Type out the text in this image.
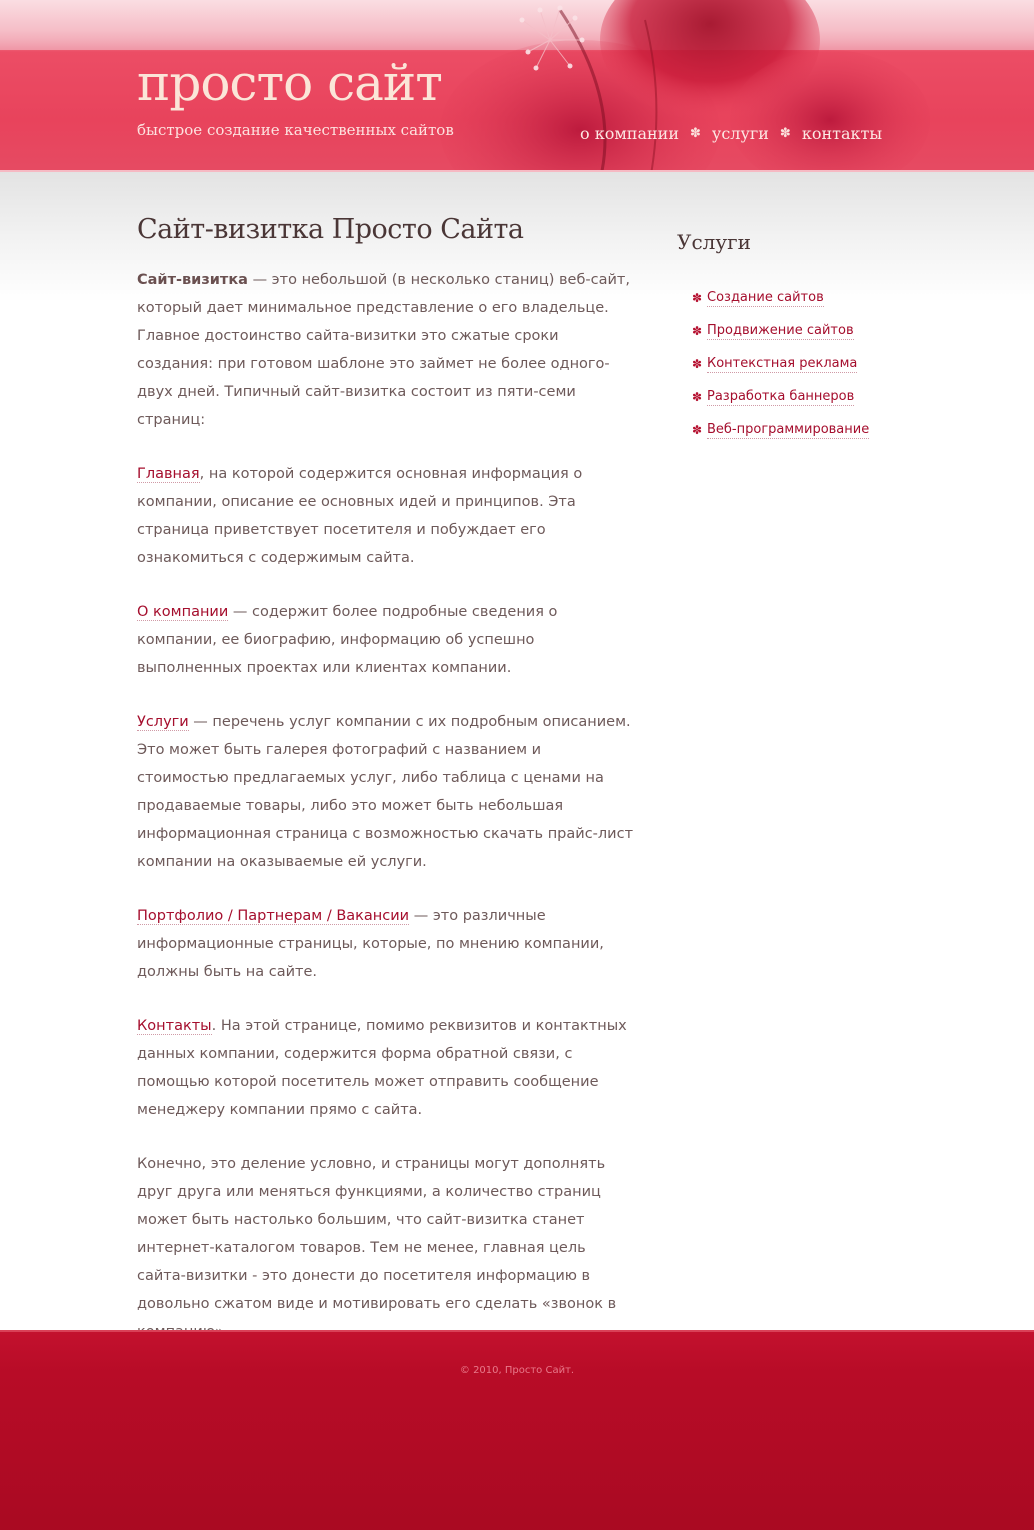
просто сайт
быстрое создание качественных сайтов	о компании ✽ услуги ✽ контакты
Сайт-визитка Просто Сайта

Сайт-визитка — это небольшой (в несколько станиц) веб-сайт, который дает минимальное представление о его владельце. Главное достоинство сайта-визитки это сжатые сроки создания: при готовом шаблоне это займет не более одного-двух дней. Типичный сайт-визитка состоит из пяти-семи страниц:

Главная, на которой содержится основная информация о компании, описание ее основных идей и принципов. Эта страница приветствует посетителя и побуждает его ознакомиться с содержимым сайта.

О компании — содержит более подробные сведения о компании, ее биографию, информацию об успешно выполненных проектах или клиентах компании.

Услуги — перечень услуг компании с их подробным описанием. Это может быть галерея фотографий с названием и стоимостью предлагаемых услуг, либо таблица с ценами на продаваемые товары, либо это может быть небольшая информационная страница с возможностью скачать прайс-лист компании на оказываемые ей услуги.

Портфолио / Партнерам / Вакансии — это различные информационные страницы, которые, по мнению компании, должны быть на сайте.

Контакты. На этой странице, помимо реквизитов и контактных данных компании, содержится форма обратной связи, с помощью которой посетитель может отправить сообщение менеджеру компании прямо с сайта.

Конечно, это деление условно, и страницы могут дополнять друг друга или меняться функциями, а количество страниц может быть настолько большим, что сайт-визитка станет интернет-каталогом товаров. Тем не менее, главная цель сайта-визитки - это донести до посетителя информацию в довольно сжатом виде и мотивировать его сделать «звонок в

Услуги
✽ Создание сайтов
✽ Продвижение сайтов
✽ Контекстная реклама
✽ Разработка баннеров
✽ Веб-программирование
© 2010, Просто Сайт.
